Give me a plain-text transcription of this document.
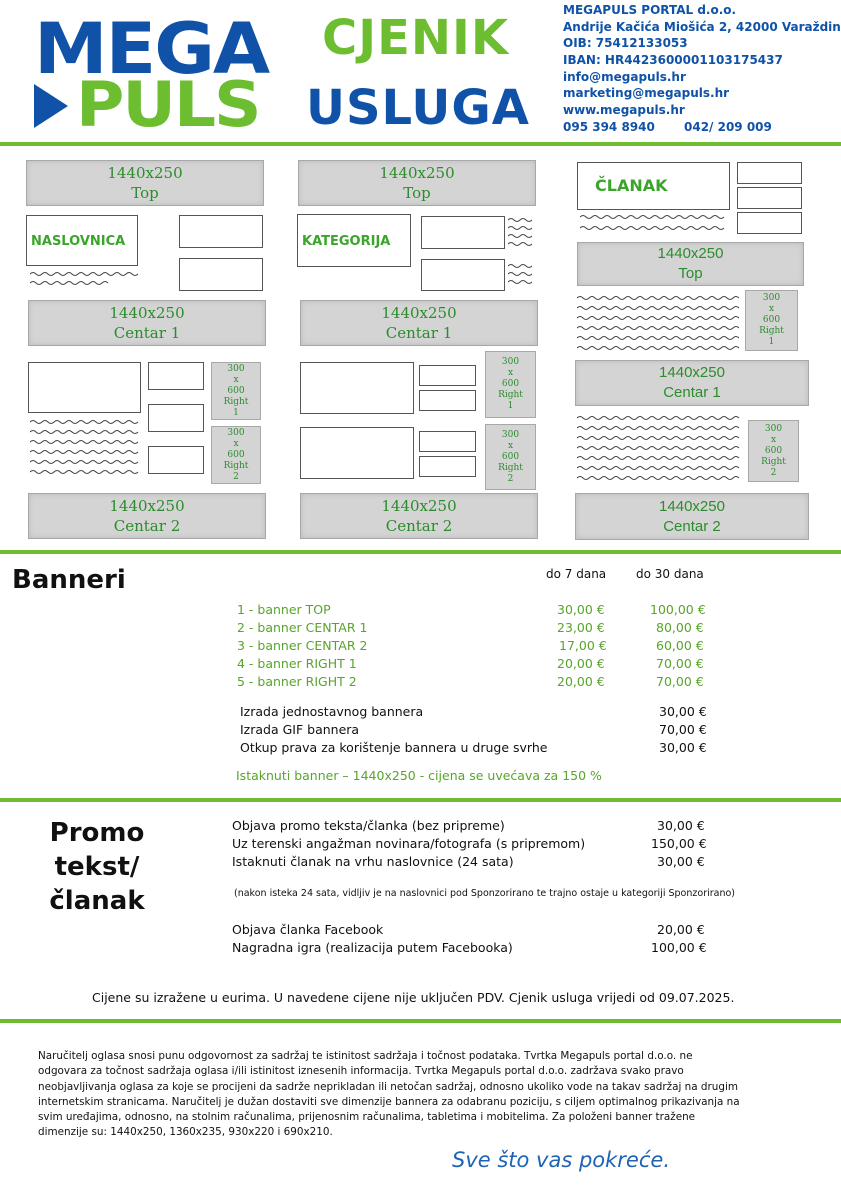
MEGA
PULS
CJENIK
USLUGA
MEGAPULS PORTAL d.o.o.
Andrije Kačića Miošića 2, 42000 Varaždin
OIB: 75412133053
IBAN: HR4423600001103175437
info@megapuls.hr
marketing@megapuls.hr
www.megapuls.hr
095 394 8940	042/ 209 009
1440x250
Top
NASLOVNICA
1440x250
Centar 1
300
x
600
Right
1
300
x
600
Right
2
1440x250
Centar 2
1440x250
Top
KATEGORIJA
1440x250
Centar 1
300
x
600
Right
1
300
x
600
Right
2
1440x250
Centar 2
ČLANAK
1440x250
Top
300
x
600
Right
1
1440x250
Centar 1
300
x
600
Right
2
1440x250
Centar 2
Banneri	do 7 dana do 30 dana
1 - banner TOP	30,00 €	100,00 €
2 - banner CENTAR 1	23,00 €	80,00 €
3 - banner CENTAR 2	17,00 €	60,00 €
4 - banner RIGHT 1	20,00 €	70,00 €
5 - banner RIGHT 2	20,00 €	70,00 €
Izrada jednostavnog bannera	30,00 €
Izrada GIF bannera	70,00 €
Otkup prava za korištenje bannera u druge svrhe	30,00 €
Istaknuti banner – 1440x250 - cijena se uvećava za 150 %
Promo tekst/
članak
Objava promo teksta/članka (bez pripreme)	30,00 €
Uz terenski angažman novinara/fotografa (s pripremom)	150,00 €
Istaknuti članak na vrhu naslovnice (24 sata)	30,00 €
(nakon isteka 24 sata, vidljiv je na naslovnici pod Sponzorirano te trajno ostaje u kategoriji Sponzorirano)
Objava članka Facebook	20,00 €
Nagradna igra (realizacija putem Facebooka)	100,00 €
Cijene su izražene u eurima. U navedene cijene nije uključen PDV. Cjenik usluga vrijedi od 09.07.2025.
Naručitelj oglasa snosi punu odgovornost za sadržaj te istinitost sadržaja i točnost podataka. Tvrtka Megapuls portal d.o.o. ne
odgovara za točnost sadržaja oglasa i/ili istinitost iznesenih informacija. Tvrtka Megapuls portal d.o.o. zadržava svako pravo
neobjavljivanja oglasa za koje se procijeni da sadrže neprikladan ili netočan sadržaj, odnosno ukoliko vode na takav sadržaj na drugim
internetskim stranicama. Naručitelj je dužan dostaviti sve dimenzije bannera za odabranu poziciju, s ciljem optimalnog prikazivanja na
svim uređajima, odnosno, na stolnim računalima, prijenosnim računalima, tabletima i mobitelima. Za položeni banner tražene
dimenzije su: 1440x250, 1360x235, 930x220 i 690x210.
Sve što vas pokreće.
